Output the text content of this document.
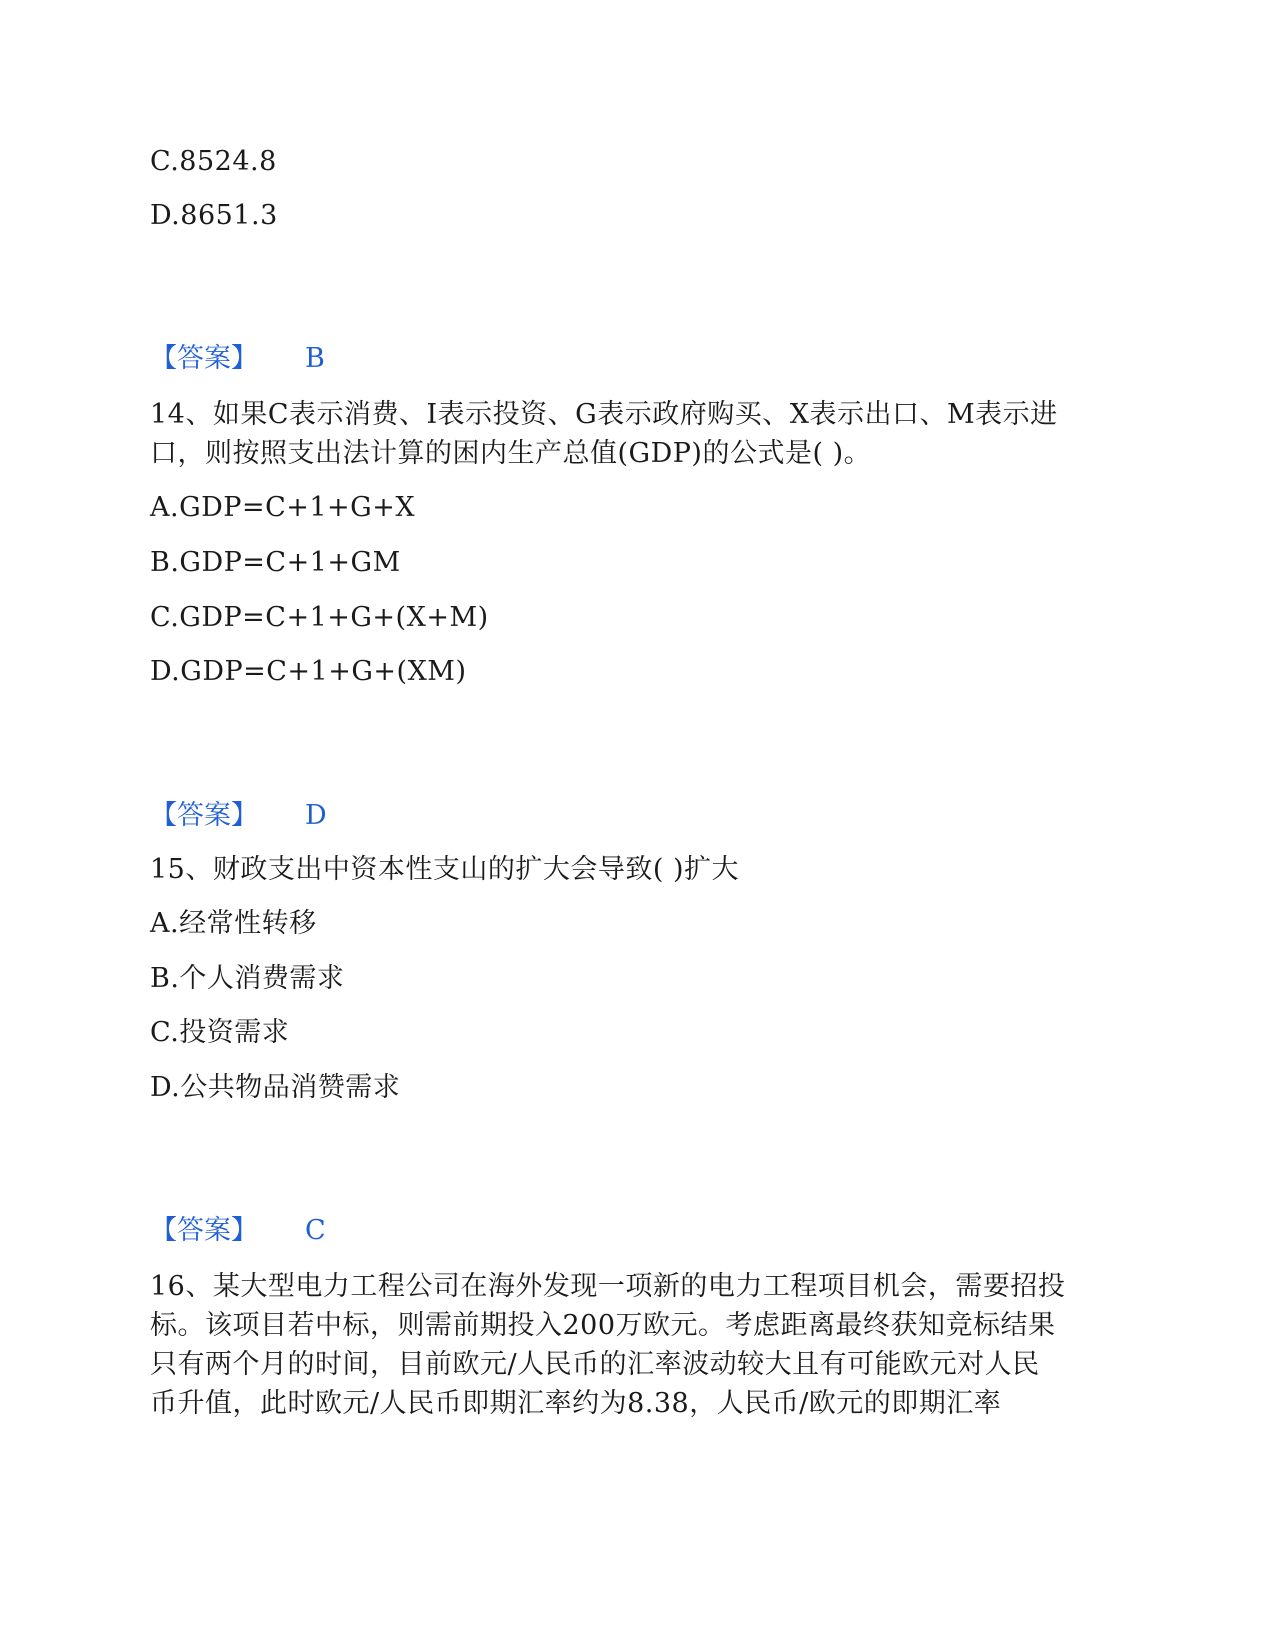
C.8524.8
D.8651.3
【答案】 B
14、如果C表示消费、I表示投资、G表示政府购买、X表示出口、M表示进
口，则按照支出法计算的困内生产总值(GDP)的公式是( )。
A.GDP=C+1+G+X
B.GDP=C+1+GM
C.GDP=C+1+G+(X+M)
D.GDP=C+1+G+(XM)
【答案】 D
15、财政支出中资本性支山的扩大会导致( )扩大
A.经常性转移
B.个人消费需求
C.投资需求
D.公共物品消赞需求
【答案】 C
16、某大型电力工程公司在海外发现一项新的电力工程项目机会，需要招投
标。该项目若中标，则需前期投入200万欧元。考虑距离最终获知竞标结果
只有两个月的时间，目前欧元/人民币的汇率波动较大且有可能欧元对人民
币升值，此时欧元/人民币即期汇率约为8.38，人民币/欧元的即期汇率
